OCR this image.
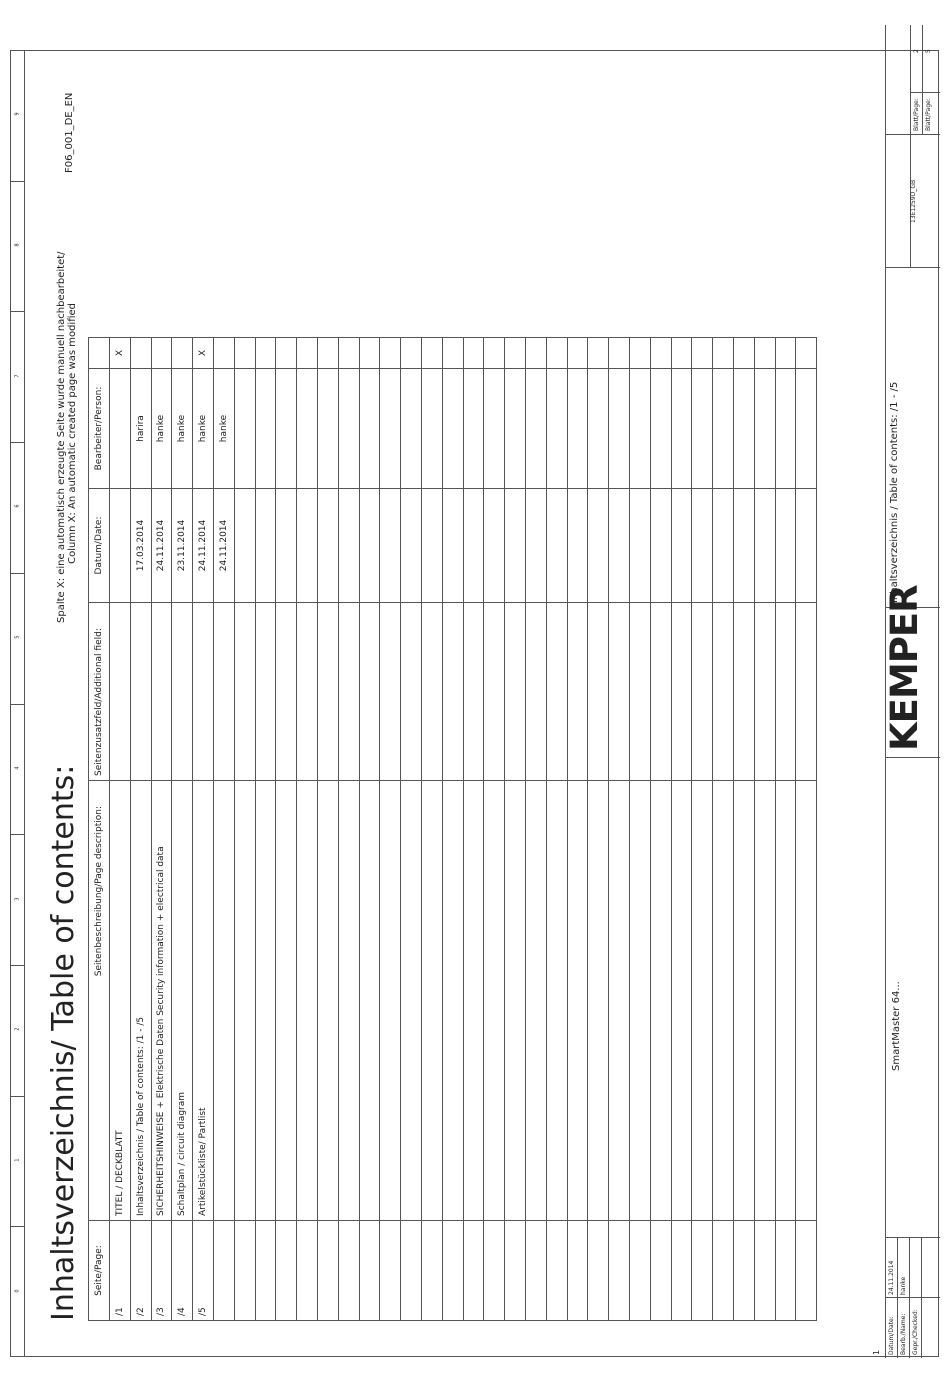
0
1
2
3
4
5
6
7
8
9
Inhaltsverzeichnis/ Table of contents:
Spalte X: eine automatisch erzeugte Seite wurde manuell nachbearbeitet/ Column X: An automatic created page was modified
F06_001_DE_EN
Seite/Page:	Seitenbeschreibung/Page description:	Seitenzusatzfeld/Additional field:	Datum/Date:	Bearbeiter/Person:	
/1	TITEL / DECKBLATT				X
/2	Inhaltsverzeichnis / Table of contents: /1 - /5		17.03.2014	harira	
/3	SICHERHEITSHINWEISE + Elektrische Daten Security information + electrical data		24.11.2014	hanke	
/4	Schaltplan / circuit diagram		23.11.2014	hanke	
/5	Artikelstückliste/ Partlist		24.11.2014	hanke	X
			24.11.2014	hanke	

Datum/Date:
24.11.2014
Bearb./Name:
hanke
Gepr./Checked:
SmartMaster 64...
KEMPER
Inhaltsverzeichnis / Table of contents: /1 - /5
13E1259D_GB
Blatt/Page:
2
Blatt/Page:
5
1
